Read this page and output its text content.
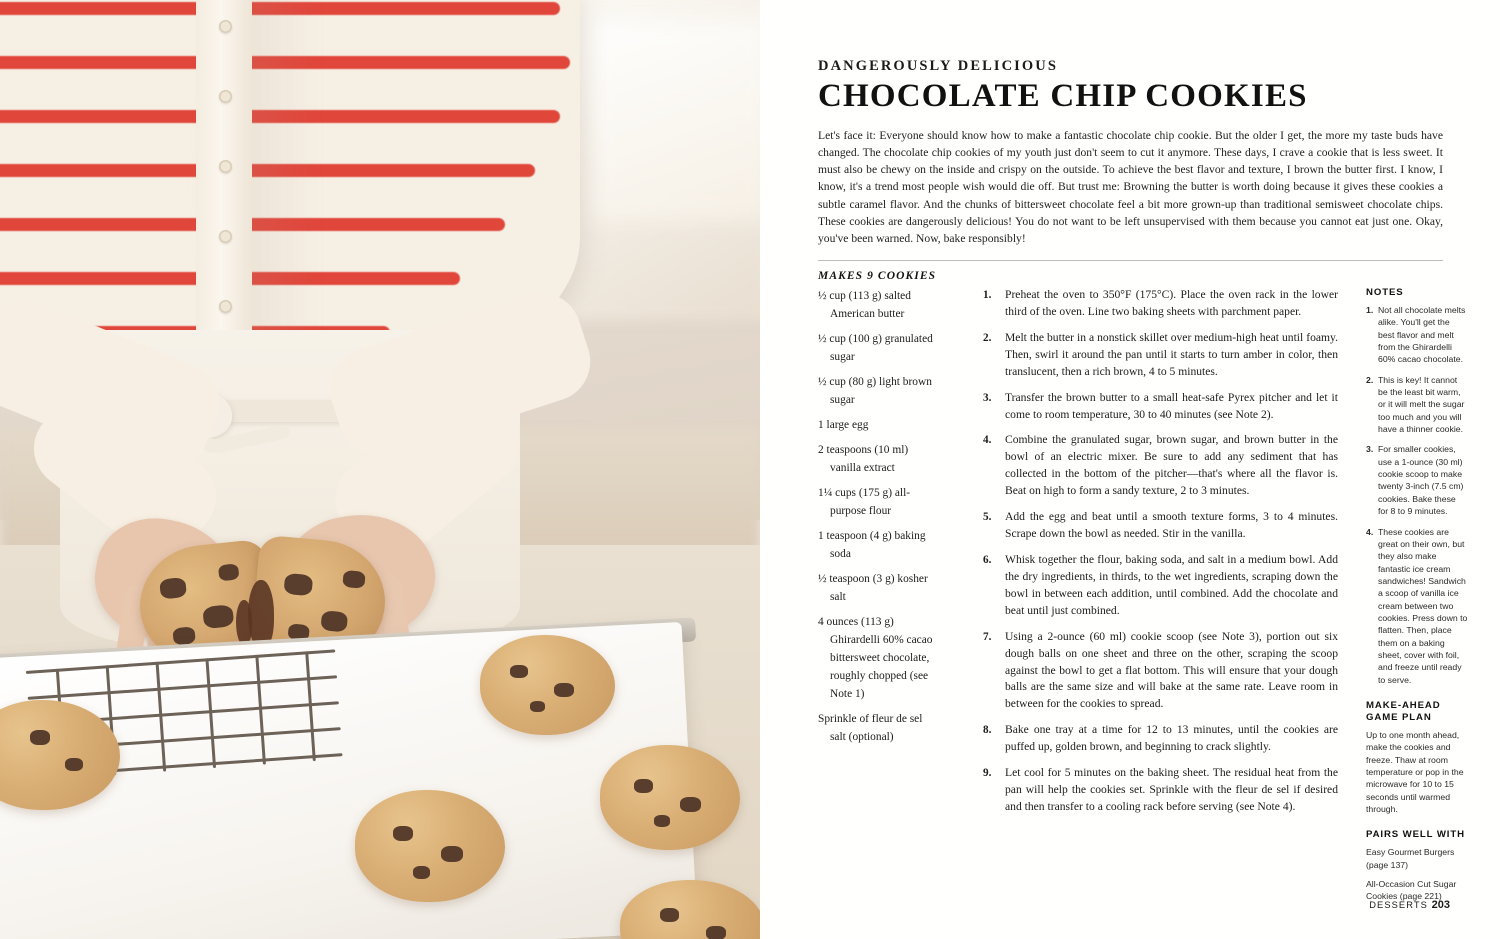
DANGEROUSLY DELICIOUS
CHOCOLATE CHIP COOKIES
Let's face it: Everyone should know how to make a fantastic chocolate chip cookie. But the older I get, the more my taste buds have changed. The chocolate chip cookies of my youth just don't seem to cut it anymore. These days, I crave a cookie that is less sweet. It must also be chewy on the inside and crispy on the outside. To achieve the best flavor and texture, I brown the butter first. I know, I know, it's a trend most people wish would die off. But trust me: Browning the butter is worth doing because it gives these cookies a subtle caramel flavor. And the chunks of bittersweet chocolate feel a bit more grown-up than traditional semisweet chocolate chips. These cookies are dangerously delicious! You do not want to be left unsupervised with them because you cannot eat just one. Okay, you've been warned. Now, bake responsibly!
MAKES 9 COOKIES
½ cup (113 g) salted
American butter
½ cup (100 g) granulated
sugar
½ cup (80 g) light brown
sugar
1 large egg
2 teaspoons (10 ml)
vanilla extract
1¼ cups (175 g) all-
purpose flour
1 teaspoon (4 g) baking
soda
½ teaspoon (3 g) kosher
salt
4 ounces (113 g)
Ghirardelli 60% cacao bittersweet chocolate, roughly chopped (see Note 1)
Sprinkle of fleur de sel
salt (optional)
1.	Preheat the oven to 350°F (175°C). Place the oven rack in the lower third of the oven. Line two baking sheets with parchment paper.
2.	Melt the butter in a nonstick skillet over medium-high heat until foamy. Then, swirl it around the pan until it starts to turn amber in color, then translucent, then a rich brown, 4 to 5 minutes.
3.	Transfer the brown butter to a small heat-safe Pyrex pitcher and let it come to room temperature, 30 to 40 minutes (see Note 2).
4.	Combine the granulated sugar, brown sugar, and brown butter in the bowl of an electric mixer. Be sure to add any sediment that has collected in the bottom of the pitcher—that's where all the flavor is. Beat on high to form a sandy texture, 2 to 3 minutes.
5.	Add the egg and beat until a smooth texture forms, 3 to 4 minutes. Scrape down the bowl as needed. Stir in the vanilla.
6.	Whisk together the flour, baking soda, and salt in a medium bowl. Add the dry ingredients, in thirds, to the wet ingredients, scraping down the bowl in between each addition, until combined. Add the chocolate and beat until just combined.
7.	Using a 2-ounce (60 ml) cookie scoop (see Note 3), portion out six dough balls on one sheet and three on the other, scraping the scoop against the bowl to get a flat bottom. This will ensure that your dough balls are the same size and will bake at the same rate. Leave room in between for the cookies to spread.
8.	Bake one tray at a time for 12 to 13 minutes, until the cookies are puffed up, golden brown, and beginning to crack slightly.
9.	Let cool for 5 minutes on the baking sheet. The residual heat from the pan will help the cookies set. Sprinkle with the fleur de sel if desired and then transfer to a cooling rack before serving (see Note 4).
NOTES
1. Not all chocolate melts alike. You'll get the best flavor and melt from the Ghirardelli 60% cacao chocolate.
2. This is key! It cannot be the least bit warm, or it will melt the sugar too much and you will have a thinner cookie.
3. For smaller cookies, use a 1-ounce (30 ml) cookie scoop to make twenty 3-inch (7.5 cm) cookies. Bake these for 8 to 9 minutes.
4. These cookies are great on their own, but they also make fantastic ice cream sandwiches! Sandwich a scoop of vanilla ice cream between two cookies. Press down to flatten. Then, place them on a baking sheet, cover with foil, and freeze until ready to serve.
MAKE-AHEAD GAME PLAN
Up to one month ahead, make the cookies and freeze. Thaw at room temperature or pop in the microwave for 10 to 15 seconds until warmed through.
PAIRS WELL WITH
Easy Gourmet Burgers (page 137)
All-Occasion Cut Sugar Cookies (page 221)
DESSERTS 203
